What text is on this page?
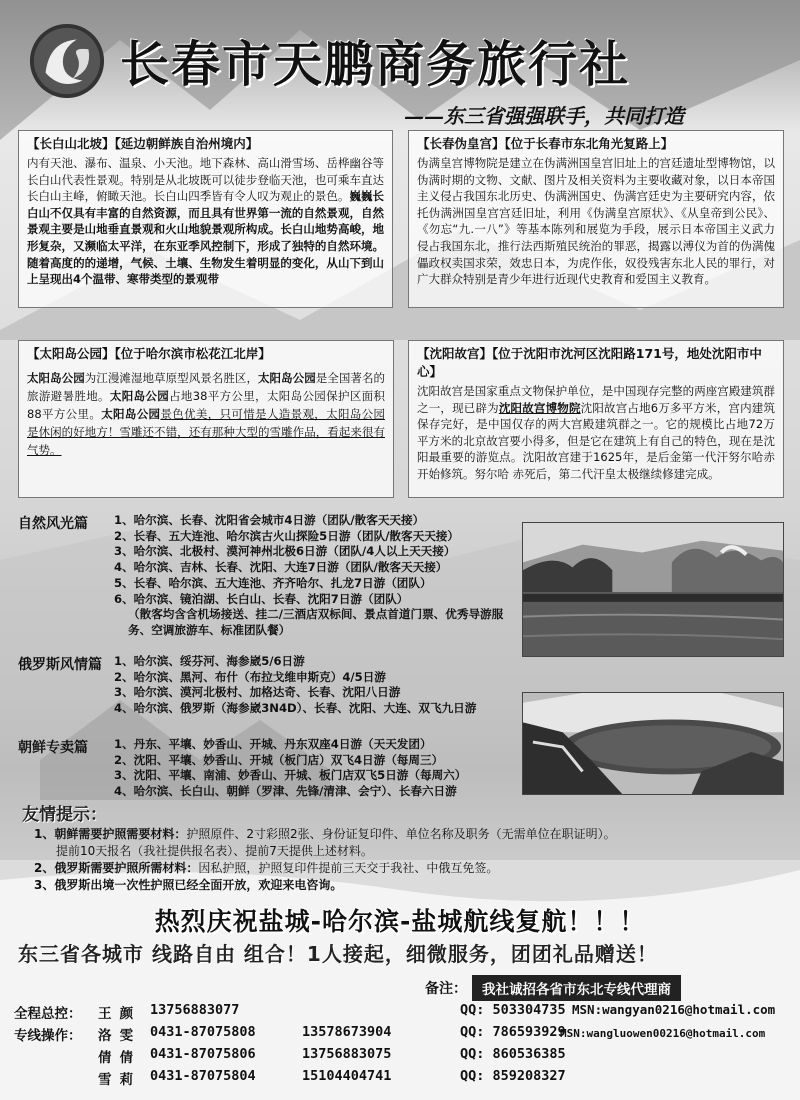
长春市天鹏商务旅行社
——东三省强强联手，共同打造
【长白山北坡】【延边朝鲜族自治州境内】

内有天池、瀑布、温泉、小天池。地下森林、高山滑雪场、岳桦幽谷等长白山代表性景观。特别是从北坡既可以徒步登临天池，也可乘车直达长白山主峰，俯瞰天池。长白山四季皆有令人叹为观止的景色。巍巍长白山不仅具有丰富的自然资源，而且具有世界第一流的自然景观，自然景观主要是山地垂直景观和火山地貌景观所构成。长白山地势高峻，地形复杂，又濒临太平洋，在东亚季风控制下，形成了独特的自然环境。随着高度的的递增，气候、土壤、生物发生着明显的变化，从山下到山上呈现出4个温带、寒带类型的景观带

【长春伪皇宫】【位于长春市东北角光复路上】

伪满皇宫博物院是建立在伪满洲国皇宫旧址上的宫廷遗址型博物馆，以伪满时期的文物、文献、图片及相关资料为主要收藏对象，以日本帝国主义侵占我国东北历史、伪满洲国史、伪满宫廷史为主要研究内容，依托伪满洲国皇宫宫廷旧址，利用《伪满皇宫原状》、《从皇帝到公民》、《勿忘“九.一八”》等基本陈列和展览为手段，展示日本帝国主义武力侵占我国东北，推行法西斯殖民统治的罪恶，揭露以溥仪为首的伪满傀儡政权卖国求荣，效忠日本，为虎作伥，奴役残害东北人民的罪行，对广大群众特别是青少年进行近现代史教育和爱国主义教育。

【太阳岛公园】【位于哈尔滨市松花江北岸】

太阳岛公园为江漫滩湿地草原型风景名胜区，太阳岛公园是全国著名的旅游避暑胜地。太阳岛公园占地38平方公里，太阳岛公园保护区面积88平方公里。太阳岛公园景色优美，只可惜是人造景观，太阳岛公园是休闲的好地方！雪雕还不错，还有那种大型的雪雕作品，看起来很有气势。

【沈阳故宫】【位于沈阳市沈河区沈阳路171号，地处沈阳市中心】

沈阳故宫是国家重点文物保护单位，是中国现存完整的两座宫殿建筑群之一，现已辟为沈阳故宫博物院沈阳故宫占地6万多平方米，宫内建筑保存完好，是中国仅存的两大宫殿建筑群之一。它的规模比占地72万平方米的北京故宫要小得多，但是它在建筑上有自己的特色，现在是沈阳最重要的游览点。沈阳故宫建于1625年，是后金第一代汗努尔哈赤开始修筑。努尔哈 赤死后，第二代汗皇太极继续修建完成。

自然风光篇 1、哈尔滨、长春、沈阳省会城市4日游（团队/散客天天接）
2、长春、五大连池、哈尔滨古火山探险5日游（团队/散客天天接）
3、哈尔滨、北极村、漠河神州北极6日游（团队/4人以上天天接）
4、哈尔滨、吉林、长春、沈阳、大连7日游（团队/散客天天接）
5、长春、哈尔滨、五大连池、齐齐哈尔、扎龙7日游（团队）
6、哈尔滨、镜泊湖、长白山、长春、沈阳7日游（团队）
（散客均含含机场接送、挂二/三酒店双标间、景点首道门票、优秀导游服务、空调旅游车、标准团队餐）
俄罗斯风情篇 1、哈尔滨、绥芬河、海参崴5/6日游
2、哈尔滨、黑河、布什（布拉戈维申斯克）4/5日游
3、哈尔滨、漠河北极村、加格达奇、长春、沈阳八日游
4、哈尔滨、俄罗斯（海参崴3N4D）、长春、沈阳、大连、双飞九日游
朝鲜专卖篇 1、丹东、平壤、妙香山、开城、丹东双座4日游（天天发团）
2、沈阳、平壤、妙香山、开城（板门店）双飞4日游（每周三）
3、沈阳、平壤、南浦、妙香山、开城、板门店双飞5日游（每周六）
4、哈尔滨、长白山、朝鲜（罗津、先锋/清津、会宁）、长春六日游
友情提示：
1、朝鲜需要护照需要材料：护照原件、2寸彩照2张、身份证复印件、单位名称及职务（无需单位在职证明）。
提前10天报名（我社提供报名表）、提前7天提供上述材料。
2、俄罗斯需要护照所需材料：因私护照，护照复印件提前三天交于我社、中俄互免签。
3、俄罗斯出境一次性护照已经全面开放，欢迎来电咨询。
热烈庆祝盐城-哈尔滨-盐城航线复航！！！
东三省各城市 线路自由 组合！1人接起，细微服务，团团礼品赠送！
备注：	我社诚招各省市东北专线代理商
全程总控： 王 颜 13756883077	QQ: 503304735 MSN:wangyan0216@hotmail.com
专线操作： 洛 雯 0431-87075808	13578673904	QQ: 786593929
MSN:wangluowen00216@hotmail.com
倩 倩 0431-87075806	13756883075	QQ: 860536385
雪 莉 0431-87075804	15104404741	QQ: 859208327
